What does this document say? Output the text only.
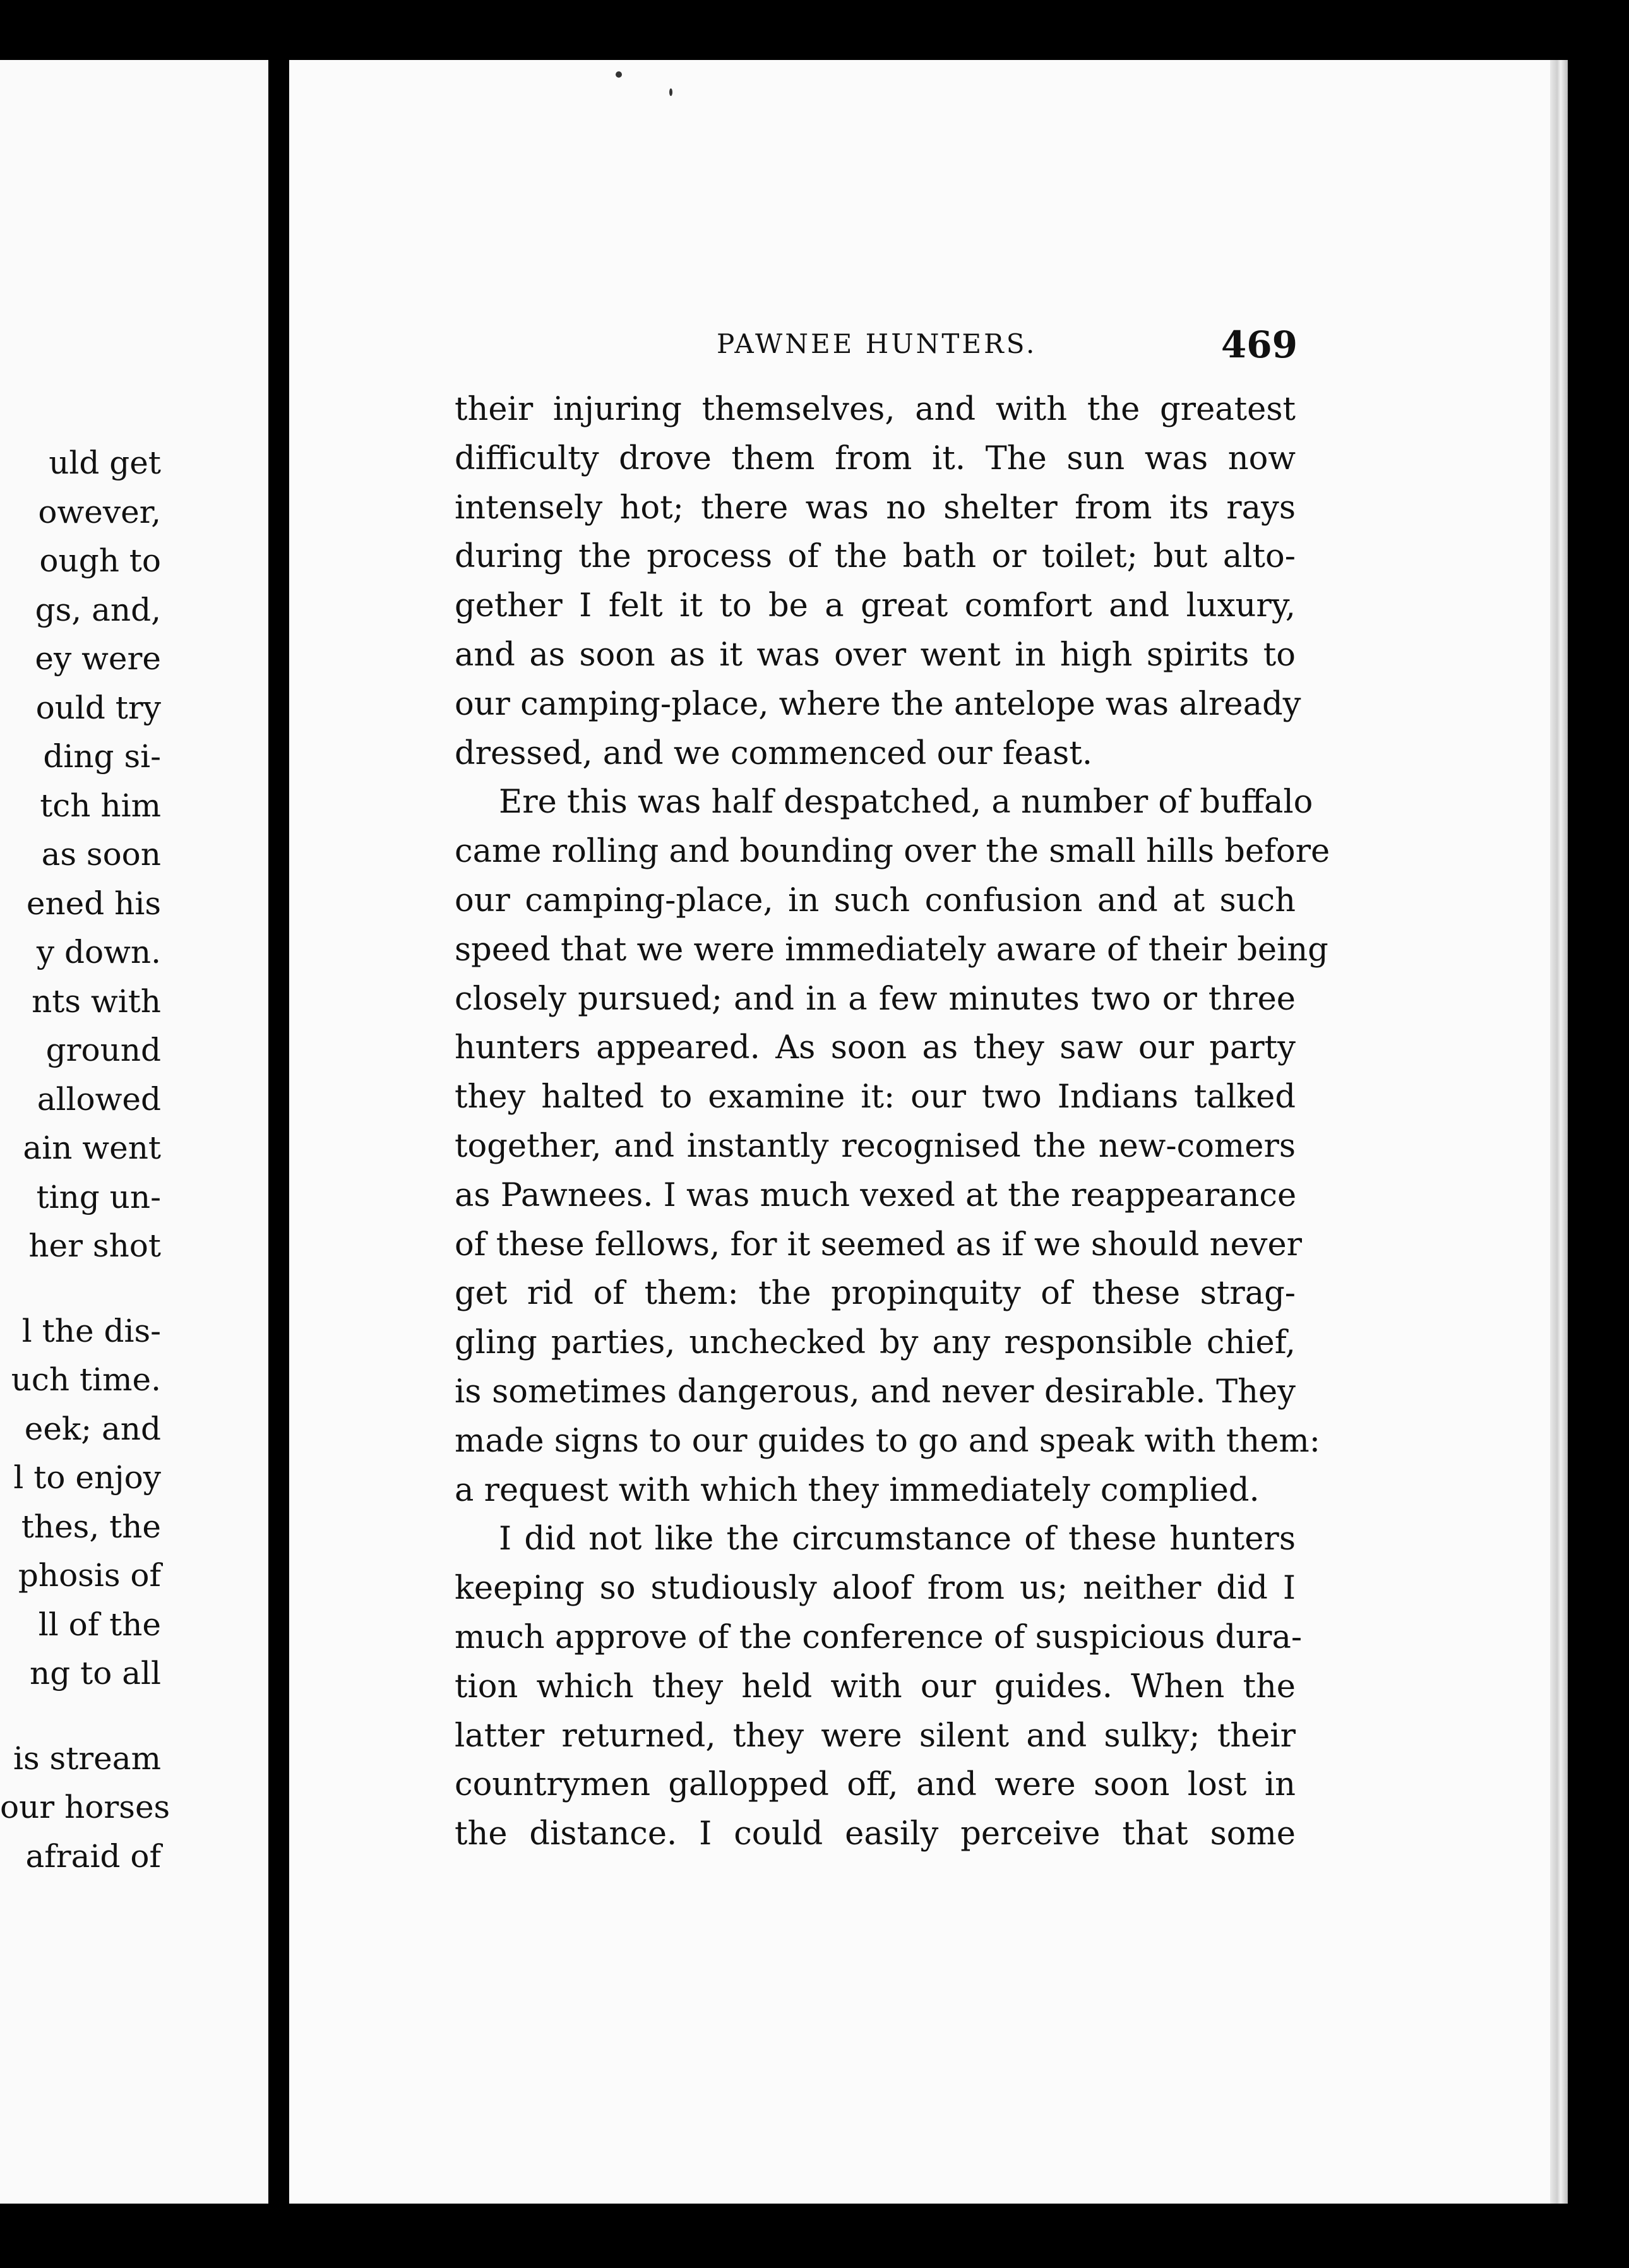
uld get
owever,
ough to
gs, and,
ey were
ould try
ding si-
tch him
as soon
ened his
y down.
nts with
ground
allowed
ain went
ting un-
her shot
l the dis-
uch time.
eek; and
l to enjoy
thes, the
phosis of
ll of the
ng to all
is stream
our horses
afraid of
PAWNEE HUNTERS.	469
their injuring themselves, and with the greatest
difficulty drove them from it. The sun was now
intensely hot; there was no shelter from its rays
during the process of the bath or toilet; but alto-
gether I felt it to be a great comfort and luxury,
and as soon as it was over went in high spirits to
our camping-place, where the antelope was already
dressed, and we commenced our feast.
Ere this was half despatched, a number of buffalo
came rolling and bounding over the small hills before
our camping-place, in such confusion and at such
speed that we were immediately aware of their being
closely pursued; and in a few minutes two or three
hunters appeared. As soon as they saw our party
they halted to examine it: our two Indians talked
together, and instantly recognised the new-comers
as Pawnees. I was much vexed at the reappearance
of these fellows, for it seemed as if we should never
get rid of them: the propinquity of these strag-
gling parties, unchecked by any responsible chief,
is sometimes dangerous, and never desirable. They
made signs to our guides to go and speak with them:
a request with which they immediately complied.
I did not like the circumstance of these hunters
keeping so studiously aloof from us; neither did I
much approve of the conference of suspicious dura-
tion which they held with our guides. When the
latter returned, they were silent and sulky; their
countrymen gallopped off, and were soon lost in
the distance. I could easily perceive that some
